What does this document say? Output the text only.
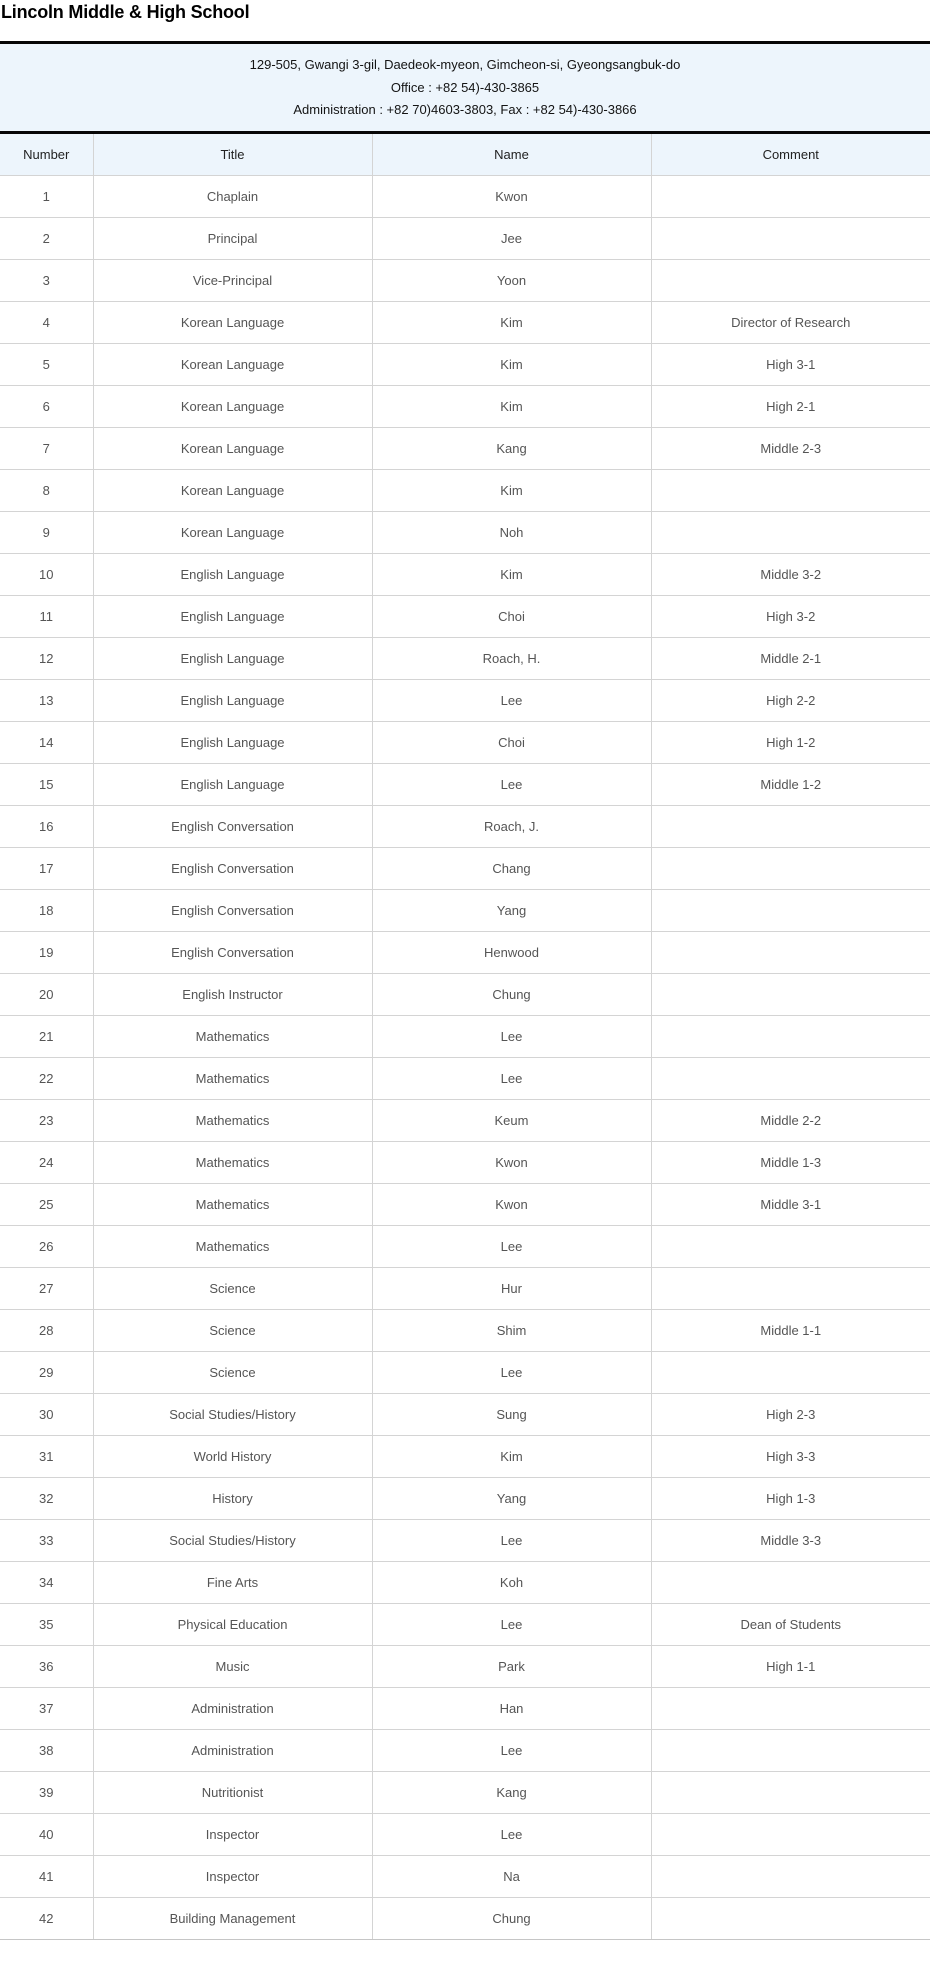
Lincoln Middle & High School
129-505, Gwangi 3-gil, Daedeok-myeon, Gimcheon-si, Gyeongsangbuk-do
Office : +82 54)-430-3865
Administration : +82 70)4603-3803, Fax : +82 54)-430-3866
Number	Title	Name	Comment
1	Chaplain	Kwon	
2	Principal	Jee	
3	Vice-Principal	Yoon	
4	Korean Language	Kim	Director of Research
5	Korean Language	Kim	High 3-1
6	Korean Language	Kim	High 2-1
7	Korean Language	Kang	Middle 2-3
8	Korean Language	Kim	
9	Korean Language	Noh	
10	English Language	Kim	Middle 3-2
11	English Language	Choi	High 3-2
12	English Language	Roach, H.	Middle 2-1
13	English Language	Lee	High 2-2
14	English Language	Choi	High 1-2
15	English Language	Lee	Middle 1-2
16	English Conversation	Roach, J.	
17	English Conversation	Chang	
18	English Conversation	Yang	
19	English Conversation	Henwood	
20	English Instructor	Chung	
21	Mathematics	Lee	
22	Mathematics	Lee	
23	Mathematics	Keum	Middle 2-2
24	Mathematics	Kwon	Middle 1-3
25	Mathematics	Kwon	Middle 3-1
26	Mathematics	Lee	
27	Science	Hur	
28	Science	Shim	Middle 1-1
29	Science	Lee	
30	Social Studies/History	Sung	High 2-3
31	World History	Kim	High 3-3
32	History	Yang	High 1-3
33	Social Studies/History	Lee	Middle 3-3
34	Fine Arts	Koh	
35	Physical Education	Lee	Dean of Students
36	Music	Park	High 1-1
37	Administration	Han	
38	Administration	Lee	
39	Nutritionist	Kang	
40	Inspector	Lee	
41	Inspector	Na	
42	Building Management	Chung	
